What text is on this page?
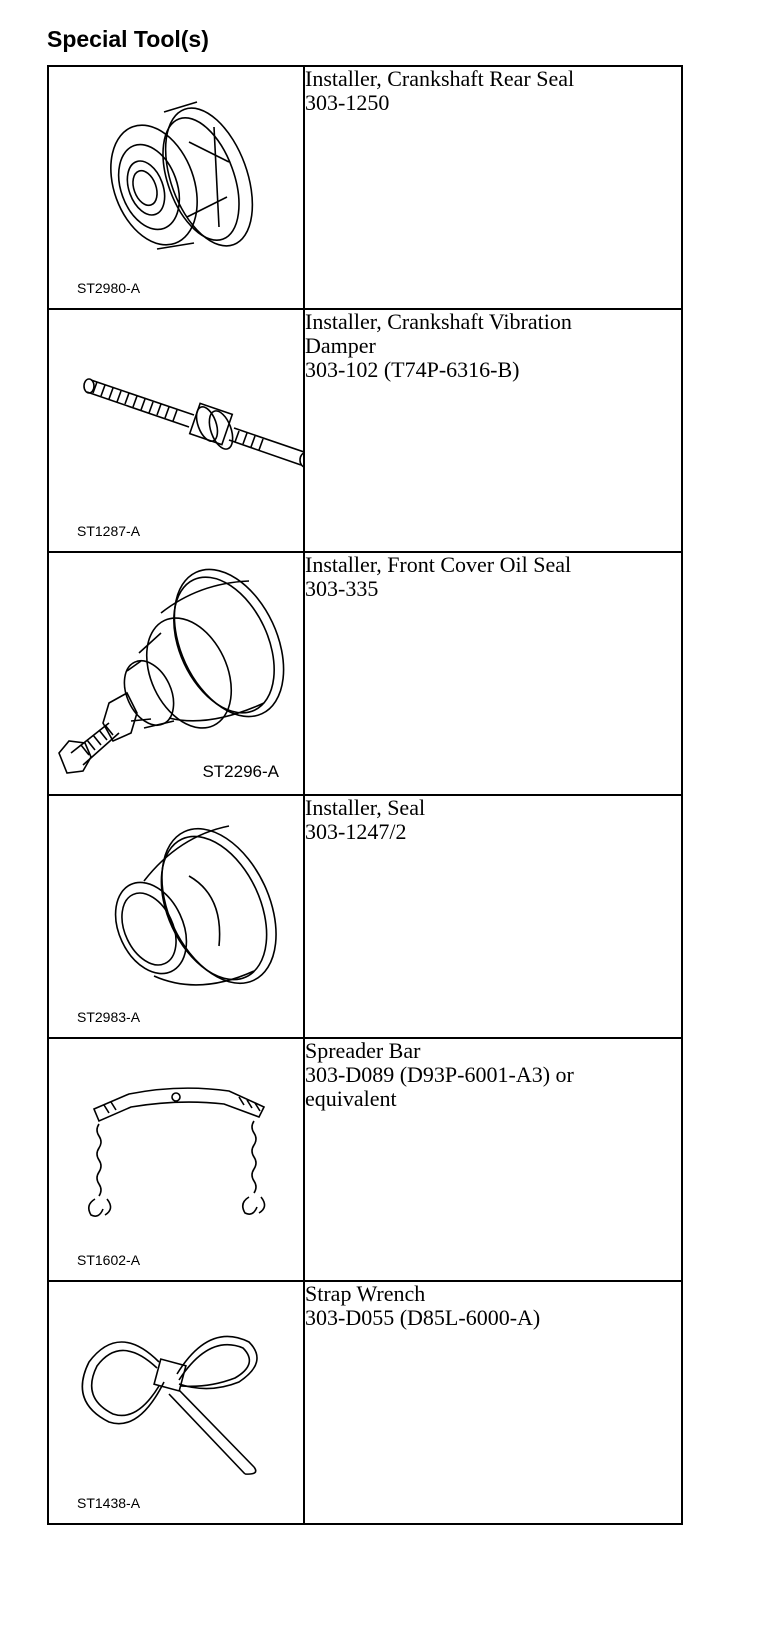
Special Tool(s)
ST2980-A	Installer, Crankshaft Rear Seal
303-1250

ST1287-A	Installer, Crankshaft Vibration
Damper
303-102 (T74P-6316-B)

ST2296-A	Installer, Front Cover Oil Seal
303-335

ST2983-A	Installer, Seal
303-1247/2

ST1602-A	Spreader Bar
303-D089 (D93P-6001-A3) or
equivalent

ST1438-A	Strap Wrench
303-D055 (D85L-6000-A)
